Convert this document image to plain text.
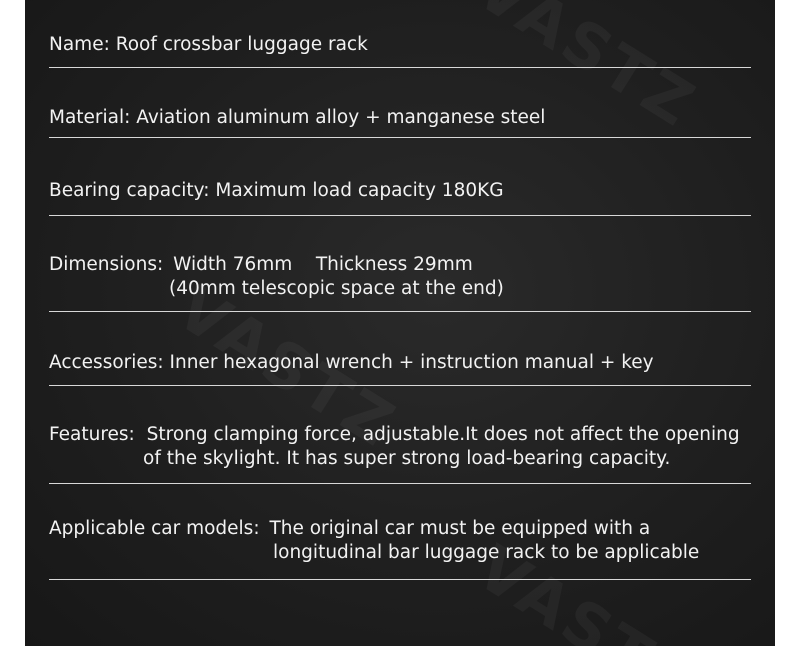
Name: Roof crossbar luggage rack
Material: Aviation aluminum alloy + manganese steel
Bearing capacity: Maximum load capacity 180KG
Dimensions: Width 76mm    Thickness 29mm
(40mm telescopic space at the end)
Accessories: Inner hexagonal wrench + instruction manual + key
Features: Strong clamping force, adjustable.It does not affect the opening
of the skylight. It has super strong load-bearing capacity.
Applicable car models: The original car must be equipped with a
longitudinal bar luggage rack to be applicable
